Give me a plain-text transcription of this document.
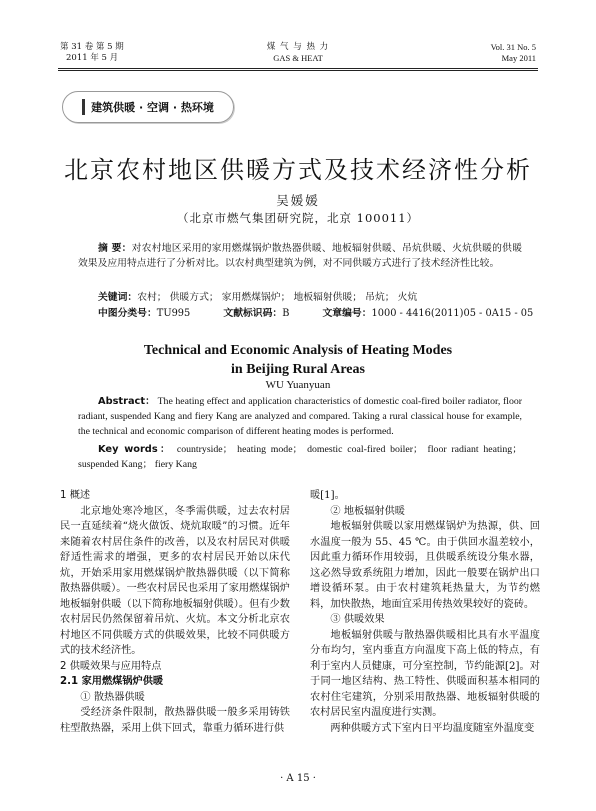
第 31 卷 第 5 期
2011 年 5 月
煤 气 与 热 力
GAS & HEAT
Vol. 31 No. 5
May 2011
建筑供暖 · 空调 · 热环境
北京农村地区供暖方式及技术经济性分析
吴媛媛
（北京市燃气集团研究院，北京 100011）
摘 要：对农村地区采用的家用燃煤锅炉散热器供暖、地板辐射供暖、吊炕供暖、火炕供暖的供暖效果及应用特点进行了分析对比。以农村典型建筑为例，对不同供暖方式进行了技术经济性比较。
关键词：农村； 供暖方式； 家用燃煤锅炉； 地板辐射供暖； 吊炕； 火炕
中图分类号：TU995	文献标识码：B	文章编号：1000 - 4416(2011)05 - 0A15 - 05
Technical and Economic Analysis of Heating Modes
in Beijing Rural Areas
WU Yuanyuan
Abstract： The heating effect and application characteristics of domestic coal-fired boiler radiator, floor radiant, suspended Kang and fiery Kang are analyzed and compared. Taking a rural classical house for example, the technical and economic comparison of different heating modes is performed.
Key words： countryside； heating mode； domestic coal-fired boiler； floor radiant heating； suspended Kang； fiery Kang

1 概述

北京地处寒冷地区，冬季需供暖，过去农村居民一直延续着“烧火做饭、烧炕取暖”的习惯。近年来随着农村居住条件的改善，以及农村居民对供暖舒适性需求的增强，更多的农村居民开始以床代炕，开始采用家用燃煤锅炉散热器供暖（以下简称散热器供暖）。一些农村居民也采用了家用燃煤锅炉地板辐射供暖（以下简称地板辐射供暖）。但有少数农村居民仍然保留着吊炕、火炕。本文分析北京农村地区不同供暖方式的供暖效果，比较不同供暖方式的技术经济性。

2 供暖效果与应用特点

2.1 家用燃煤锅炉供暖

① 散热器供暖

受经济条件限制，散热器供暖一般多采用铸铁柱型散热器，采用上供下回式，靠重力循环进行供

暖[1]。

② 地板辐射供暖

地板辐射供暖以家用燃煤锅炉为热源，供、回水温度一般为 55、45 ℃。由于供回水温差较小，因此重力循环作用较弱，且供暖系统设分集水器，这必然导致系统阻力增加，因此一般要在锅炉出口增设循环泵。由于农村建筑耗热量大，为节约燃料，加快散热，地面宜采用传热效果较好的瓷砖。

③ 供暖效果

地板辐射供暖与散热器供暖相比具有水平温度分布均匀，室内垂直方向温度下高上低的特点，有利于室内人员健康，可分室控制，节约能源[2]。对于同一地区结构、热工特性、供暖面积基本相同的农村住宅建筑，分别采用散热器、地板辐射供暖的农村居民室内温度进行实测。

两种供暖方式下室内日平均温度随室外温度变

· A 15 ·
